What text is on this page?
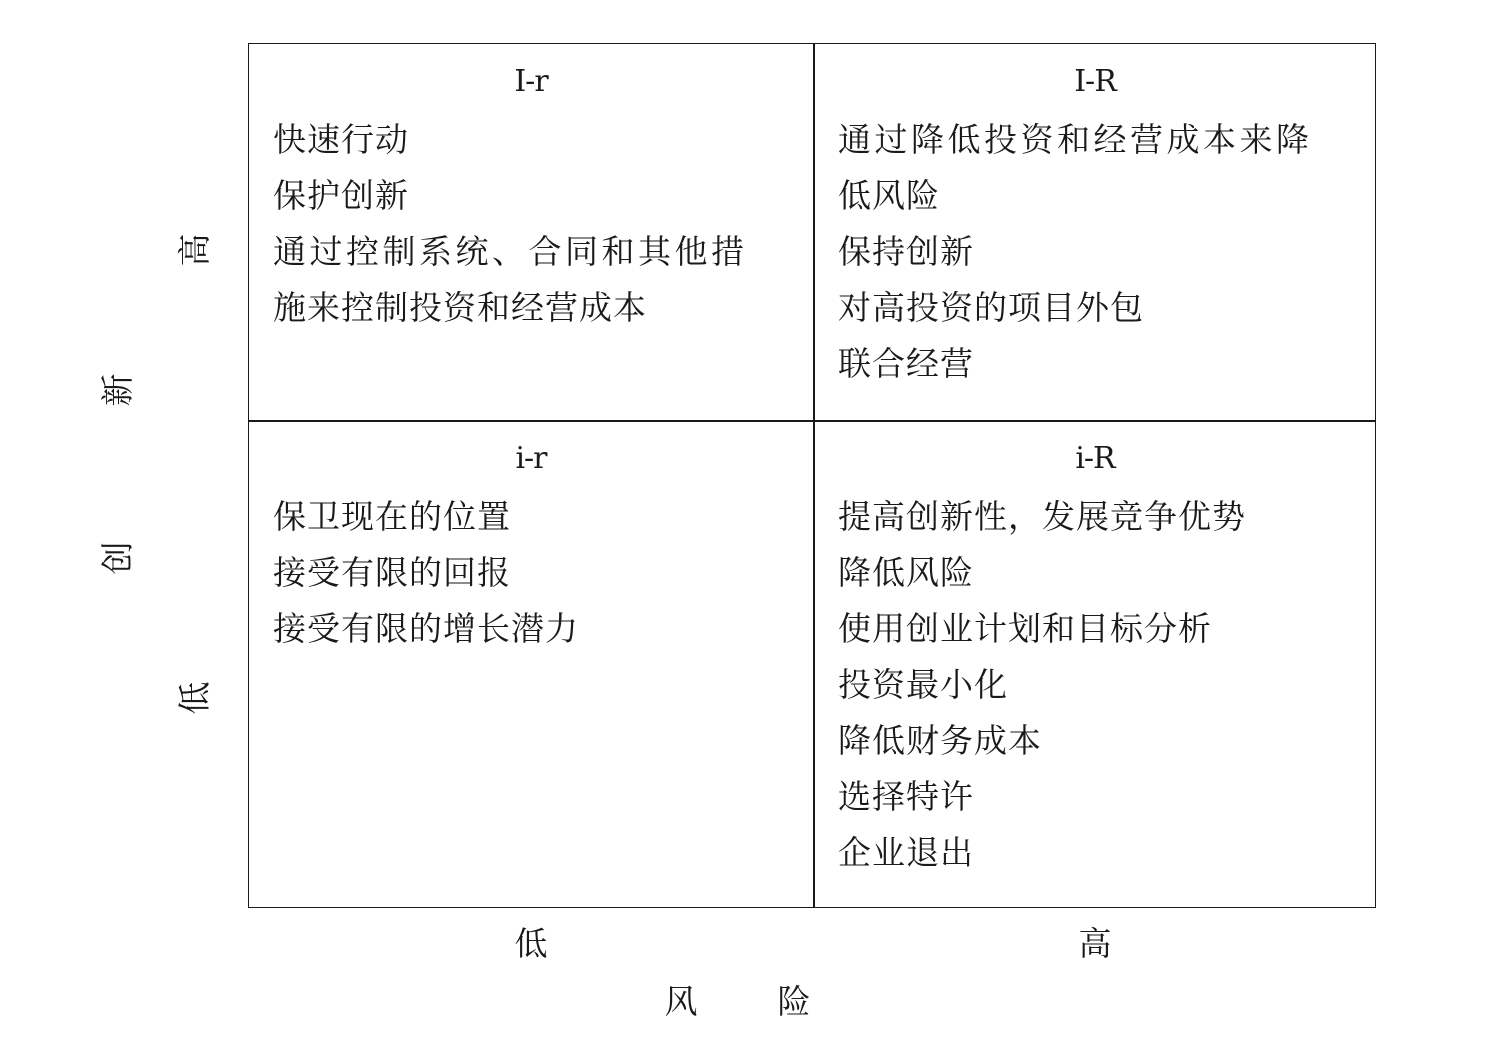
高
新
创
低
I-r
快速行动
保护创新
通过控制系统、合同和其他措
施来控制投资和经营成本
I-R
通过降低投资和经营成本来降
低风险
保持创新
对高投资的项目外包
联合经营
i-r
保卫现在的位置
接受有限的回报
接受有限的增长潜力
i-R
提高创新性，发展竞争优势
降低风险
使用创业计划和目标分析
投资最小化
降低财务成本
选择特许
企业退出
低	高
风	险
